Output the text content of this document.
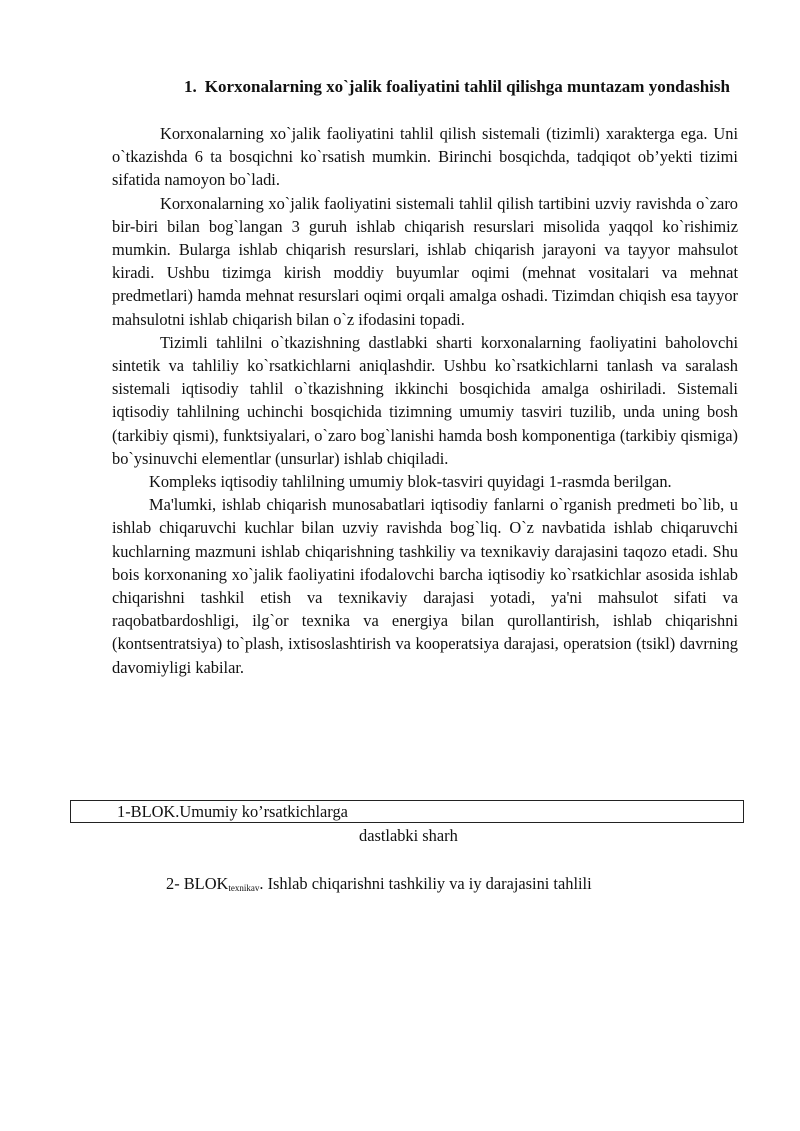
1. Korxonalarning xo`jalik foaliyatini tahlil qilishga muntazam yondashish

Korxonalarning xo`jalik faoliyatini tahlil qilish sistemali (tizimli) xarakterga ega. Uni o`tkazishda 6 ta bosqichni ko`rsatish mumkin. Birinchi bosqichda, tadqiqot ob’yekti tizimi sifatida namoyon bo`ladi.

Korxonalarning xo`jalik faoliyatini sistemali tahlil qilish tartibini uzviy ravishda o`zaro bir-biri bilan bog`langan 3 guruh ishlab chiqarish resurslari misolida yaqqol ko`rishimiz mumkin. Bularga ishlab chiqarish resurslari, ishlab chiqarish jarayoni va tayyor mahsulot kiradi. Ushbu tizimga kirish moddiy buyumlar oqimi (mehnat vositalari va mehnat predmetlari) hamda mehnat resurslari oqimi orqali amalga oshadi. Tizimdan chiqish esa tayyor mahsulotni ishlab chiqarish bilan o`z ifodasini topadi.

Tizimli tahlilni o`tkazishning dastlabki sharti korxonalarning faoliyatini baholovchi sintetik va tahliliy ko`rsatkichlarni aniqlashdir. Ushbu ko`rsatkichlarni tanlash va saralash sistemali iqtisodiy tahlil o`tkazishning ikkinchi bosqichida amalga oshiriladi. Sistemali iqtisodiy tahlilning uchinchi bosqichida tizimning umumiy tasviri tuzilib, unda uning bosh (tarkibiy qismi), funktsiyalari, o`zaro bog`lanishi hamda bosh komponentiga (tarkibiy qismiga) bo`ysinuvchi elementlar (unsurlar) ishlab chiqiladi.

Kompleks iqtisodiy tahlilning umumiy blok-tasviri quyidagi 1-rasmda berilgan.

Ma'lumki, ishlab chiqarish munosabatlari iqtisodiy fanlarni o`rganish predmeti bo`lib, u ishlab chiqaruvchi kuchlar bilan uzviy ravishda bog`liq. O`z navbatida ishlab chiqaruvchi kuchlarning mazmuni ishlab chiqarishning tashkiliy va texnikaviy darajasini taqozo etadi. Shu bois korxonaning xo`jalik faoliyatini ifodalovchi barcha iqtisodiy ko`rsatkichlar asosida ishlab chiqarishni tashkil etish va texnikaviy darajasi yotadi, ya'ni mahsulot sifati va raqobatbardoshligi, ilg`or texnika va energiya bilan qurollantirish, ishlab chiqarishni (kontsentratsiya) to`plash, ixtisoslashtirish va kooperatsiya darajasi, operatsion (tsikl) davrning davomiyligi kabilar.

1-BLOK.Umumiy ko’rsatkichlarga
dastlabki sharh
2- $BLOK_{texnikav}$. Ishlab chiqarishni tashkiliy va iy darajasini tahlili
